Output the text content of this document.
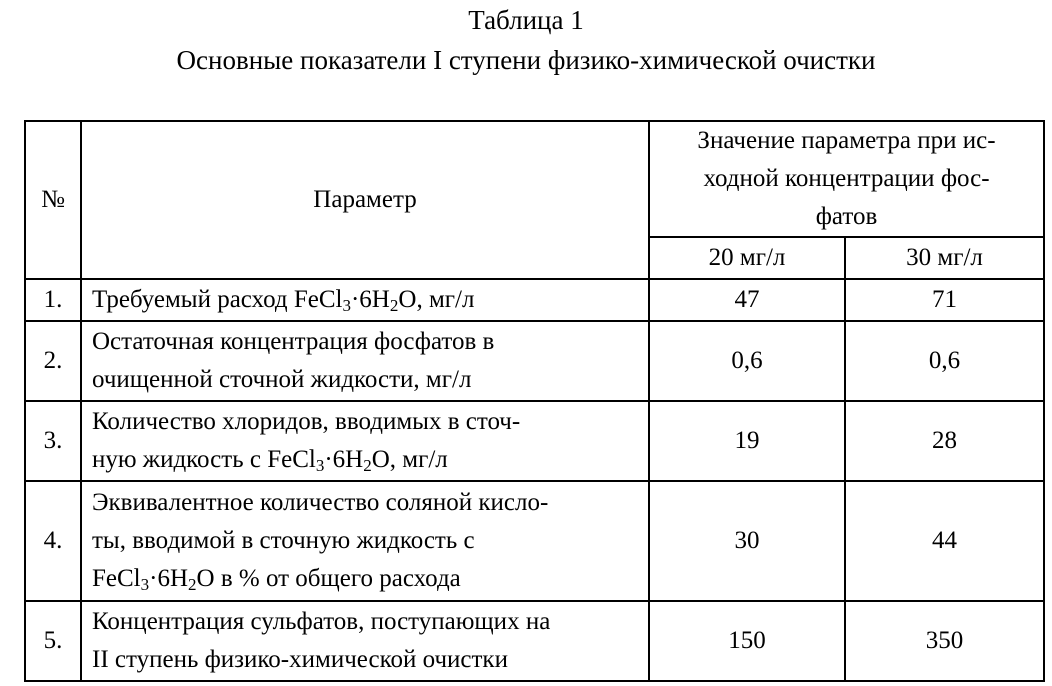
Таблица 1
Основные показатели I ступени физико-химической очистки
№	Параметр	Значение параметра при ис-
ходной концентрации фос-
фатов	
		20 мг/л	30 мг/л
1.	Требуемый расход $FeCl_3\cdot 6H_2O$, мг/л	47	71
2.	Остаточная концентрация фосфатов в
очищенной сточной жидкости, мг/л	0,6	0,6
3.	Количество хлоридов, вводимых в сточ-
ную жидкость с $FeCl_3\cdot 6H_2O$, мг/л	19	28
4.	Эквивалентное количество соляной кисло-
ты, вводимой в сточную жидкость с
$FeCl_3\cdot 6H_2O$ в % от общего расхода	30	44
5.	Концентрация сульфатов, поступающих на
II ступень физико-химической очистки	150	350
